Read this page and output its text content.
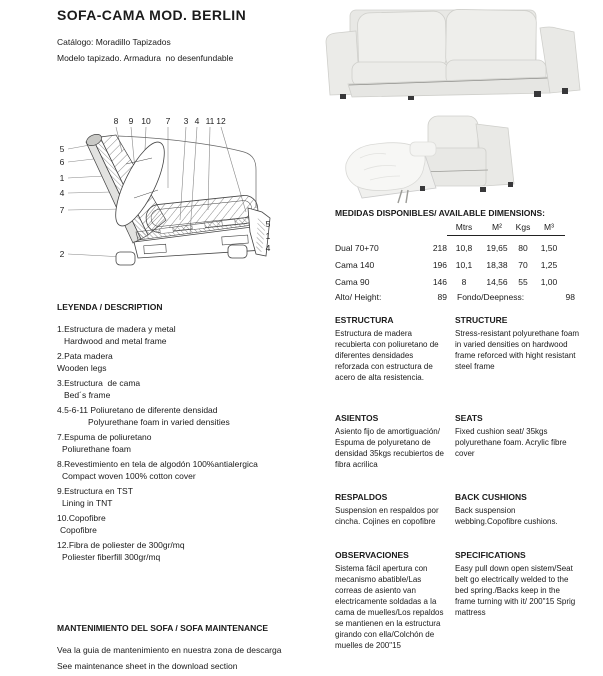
SOFA-CAMA MOD. BERLIN
Catálogo: Moradillo Tapizados
Modelo tapizado. Armadura  no desenfundable
8 9 10 7 3 4 11 12
5
6
1
4
7
2
5
1
4
MEDIDAS DISPONIBLES/ AVAILABLE DIMENSIONS:
Mtrs	M²	Kgs	M³
Dual 70+70	218	10,8	19,65	80	1,50
Cama 140	196	10,1	18,38	70	1,25
Cama 90	146	8	14,56	55	1,00
Alto/ Height:	89 Fondo/Deepness:	98
LEYENDA / DESCRIPTION
1.Estructura de madera y metal
Hardwood and metal frame
2.Pata madera
Wooden legs
3.Estructura  de cama
Bed´s frame
4.5-6-11 Poliuretano de diferente densidad
Polyurethane foam in varied densities
7.Espuma de poliuretano
Poliurethane foam
8.Revestimiento en tela de algodón 100%antialergica
Compact woven 100% cotton cover
9.Estructura en TST
Lining in TNT
10.Copofibre
Copofibre
12.Fibra de poliester de 300gr/mq
Poliester fiberfill 300gr/mq
ESTRUCTURA
Estructura de madera recubierta con poliuretano de diferentes densidades reforzada con estructura de acero de alta resistencia.
STRUCTURE
Stress-resistant polyurethane foam in varied densities on hardwood frame reforced with hight resistant steel frame
ASIENTOS
Asiento fijo de amortiguación/ Espuma de polyuretano de densidad 35kgs recubiertos de fibra acrilica
SEATS
Fixed cushion seat/ 35kgs polyurethane foam. Acrylic fibre cover
RESPALDOS
Suspension en respaldos por cincha. Cojines en copofibre
BACK CUSHIONS
Back suspension webbing.Copofibre cushions.
OBSERVACIONES
Sistema fácil apertura con mecanismo abatible/Las correas de asiento van electricamente soldadas a la cama de muelles/Los repaldos se mantienen en la estructura girando con ella/Colchón de muelles de 200"15
SPECIFICATIONS
Easy pull down open sistem/Seat belt go electrically welded to the bed spring./Backs keep in the frame turning with it/ 200"15 Sprig mattress
MANTENIMIENTO DEL SOFA / SOFA MAINTENANCE
Vea la guia de mantenimiento en nuestra zona de descarga
See maintenance sheet in the download section
